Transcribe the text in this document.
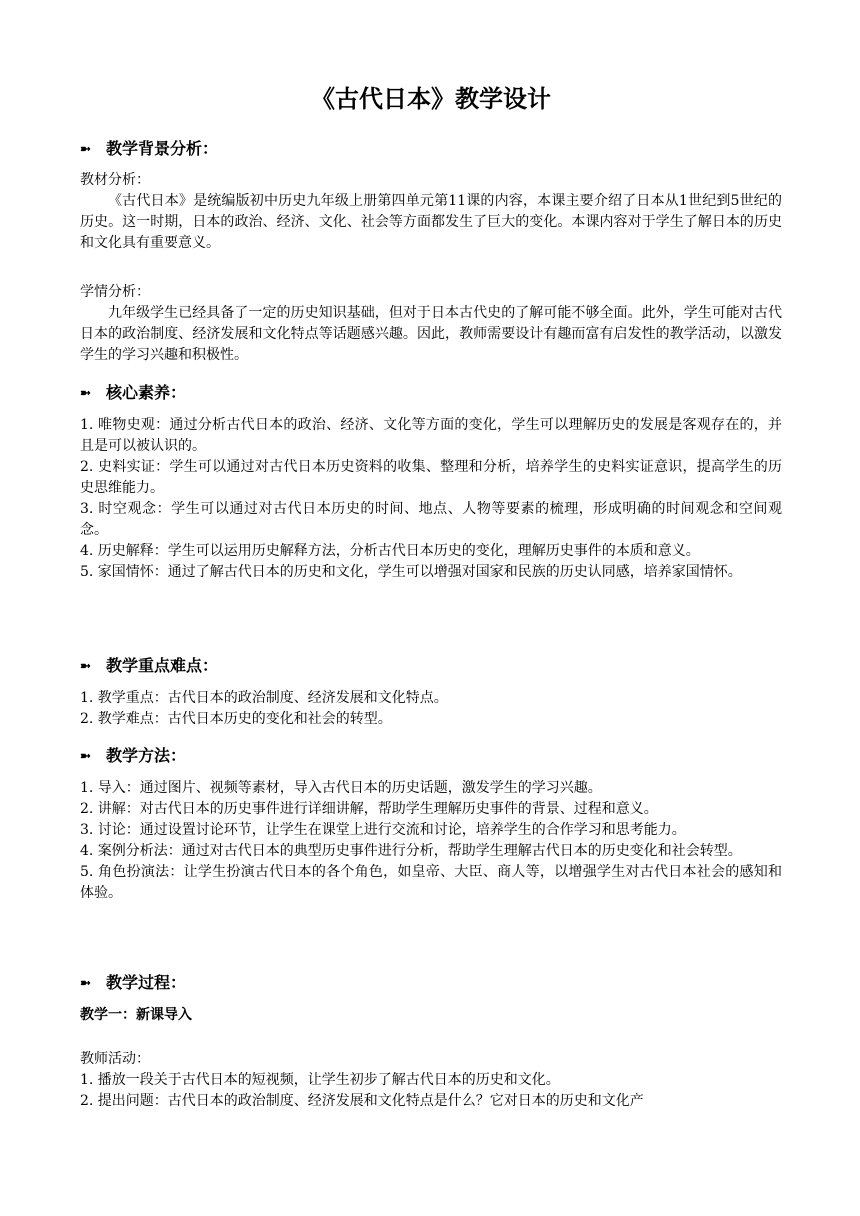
《古代日本》教学设计
➼ 教学背景分析：
教材分析：
《古代日本》是统编版初中历史九年级上册第四单元第11课的内容，本课主要介绍了日本从1世纪到5世纪的历史。这一时期，日本的政治、经济、文化、社会等方面都发生了巨大的变化。本课内容对于学生了解日本的历史和文化具有重要意义。
学情分析：
九年级学生已经具备了一定的历史知识基础，但对于日本古代史的了解可能不够全面。此外，学生可能对古代日本的政治制度、经济发展和文化特点等话题感兴趣。因此，教师需要设计有趣而富有启发性的教学活动，以激发学生的学习兴趣和积极性。
➼ 核心素养：
1. 唯物史观：通过分析古代日本的政治、经济、文化等方面的变化，学生可以理解历史的发展是客观存在的，并且是可以被认识的。
2. 史料实证：学生可以通过对古代日本历史资料的收集、整理和分析，培养学生的史料实证意识，提高学生的历史思维能力。
3. 时空观念：学生可以通过对古代日本历史的时间、地点、人物等要素的梳理，形成明确的时间观念和空间观念。
4. 历史解释：学生可以运用历史解释方法，分析古代日本历史的变化，理解历史事件的本质和意义。
5. 家国情怀：通过了解古代日本的历史和文化，学生可以增强对国家和民族的历史认同感，培养家国情怀。
➼ 教学重点难点：
1. 教学重点：古代日本的政治制度、经济发展和文化特点。
2. 教学难点：古代日本历史的变化和社会的转型。
➼ 教学方法：
1. 导入：通过图片、视频等素材，导入古代日本的历史话题，激发学生的学习兴趣。
2. 讲解：对古代日本的历史事件进行详细讲解，帮助学生理解历史事件的背景、过程和意义。
3. 讨论：通过设置讨论环节，让学生在课堂上进行交流和讨论，培养学生的合作学习和思考能力。
4. 案例分析法：通过对古代日本的典型历史事件进行分析，帮助学生理解古代日本的历史变化和社会转型。
5. 角色扮演法：让学生扮演古代日本的各个角色，如皇帝、大臣、商人等，以增强学生对古代日本社会的感知和体验。
➼ 教学过程：
教学一：新课导入
教师活动：
1. 播放一段关于古代日本的短视频，让学生初步了解古代日本的历史和文化。
2. 提出问题：古代日本的政治制度、经济发展和文化特点是什么？它对日本的历史和文化产
